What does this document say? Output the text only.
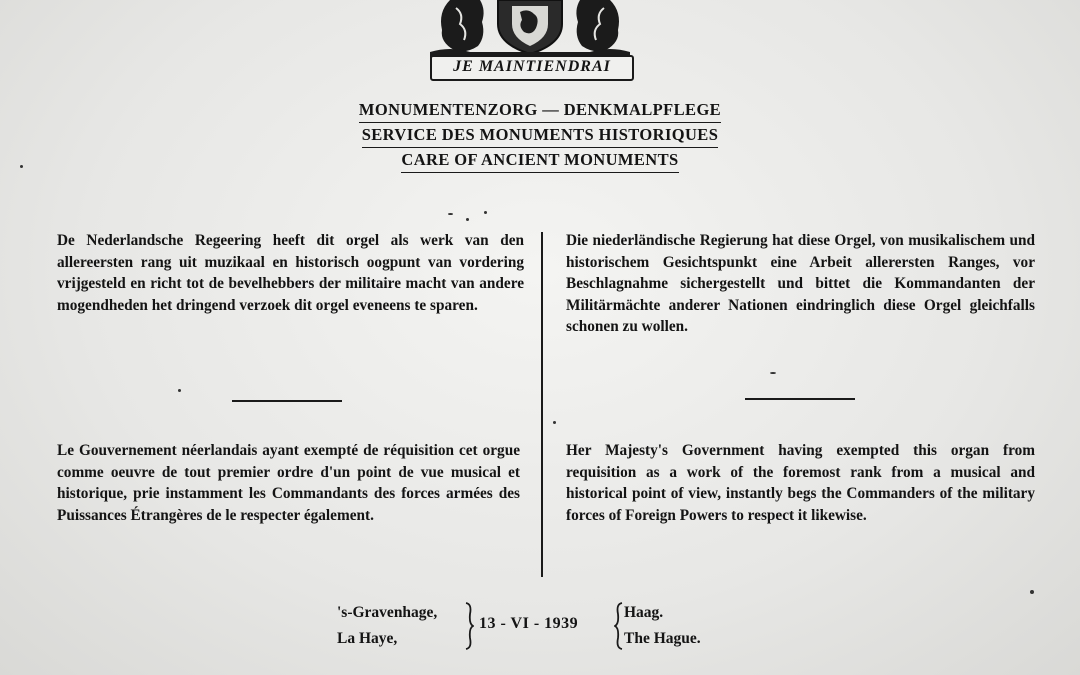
JE MAINTIENDRAI
MONUMENTENZORG — DENKMALPFLEGE
SERVICE DES MONUMENTS HISTORIQUES
CARE OF ANCIENT MONUMENTS

De Nederlandsche Regeering heeft dit orgel als werk van den allereersten rang uit muzikaal en historisch oogpunt van vordering vrijgesteld en richt tot de bevelhebbers der militaire macht van andere mogendheden het dringend verzoek dit orgel eveneens te sparen.

Die niederländische Regierung hat diese Orgel, von musikalischem und historischem Gesichtspunkt eine Arbeit allerersten Ranges, vor Beschlagnahme sichergestellt und bittet die Kommandanten der Militärmächte anderer Nationen eindringlich diese Orgel gleichfalls schonen zu wollen.

Le Gouvernement néerlandais ayant exempté de réquisition cet orgue comme oeuvre de tout premier ordre d'un point de vue musical et historique, prie instamment les Commandants des forces armées des Puissances Étrangères de le respecter également.

Her Majesty's Government having exempted this organ from requisition as a work of the foremost rank from a musical and historical point of view, instantly begs the Commanders of the military forces of Foreign Powers to respect it likewise.

's-Gravenhage,
La Haye,
13 - VI - 1939
Haag.
The Hague.
